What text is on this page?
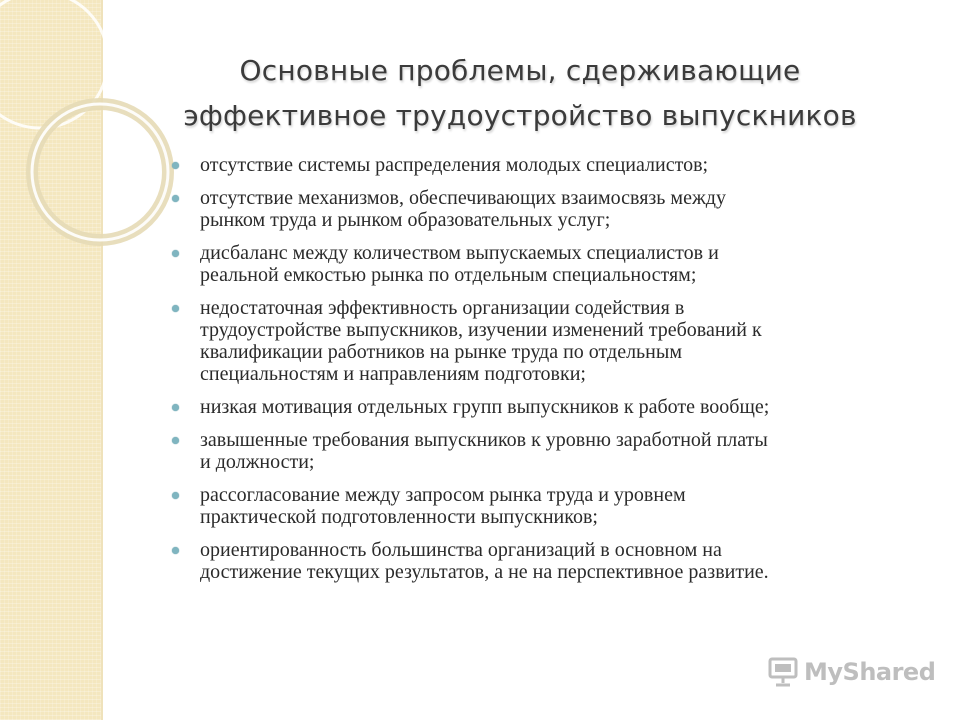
Основные проблемы, сдерживающие
эффективное трудоустройство выпускников
отсутствие системы распределения молодых специалистов;
отсутствие механизмов, обеспечивающих взаимосвязь между
рынком труда и рынком образовательных услуг;
дисбаланс между количеством выпускаемых специалистов и
реальной емкостью рынка по отдельным специальностям;
недостаточная эффективность организации содействия в
трудоустройстве выпускников, изучении изменений требований к
квалификации работников на рынке труда по отдельным
специальностям и направлениям подготовки;
низкая мотивация отдельных групп выпускников к работе вообще;
завышенные требования выпускников к уровню заработной платы
и должности;
рассогласование между запросом рынка труда и уровнем
практической подготовленности выпускников;
ориентированность большинства организаций в основном на
достижение текущих результатов, а не на перспективное развитие.
MyShared
